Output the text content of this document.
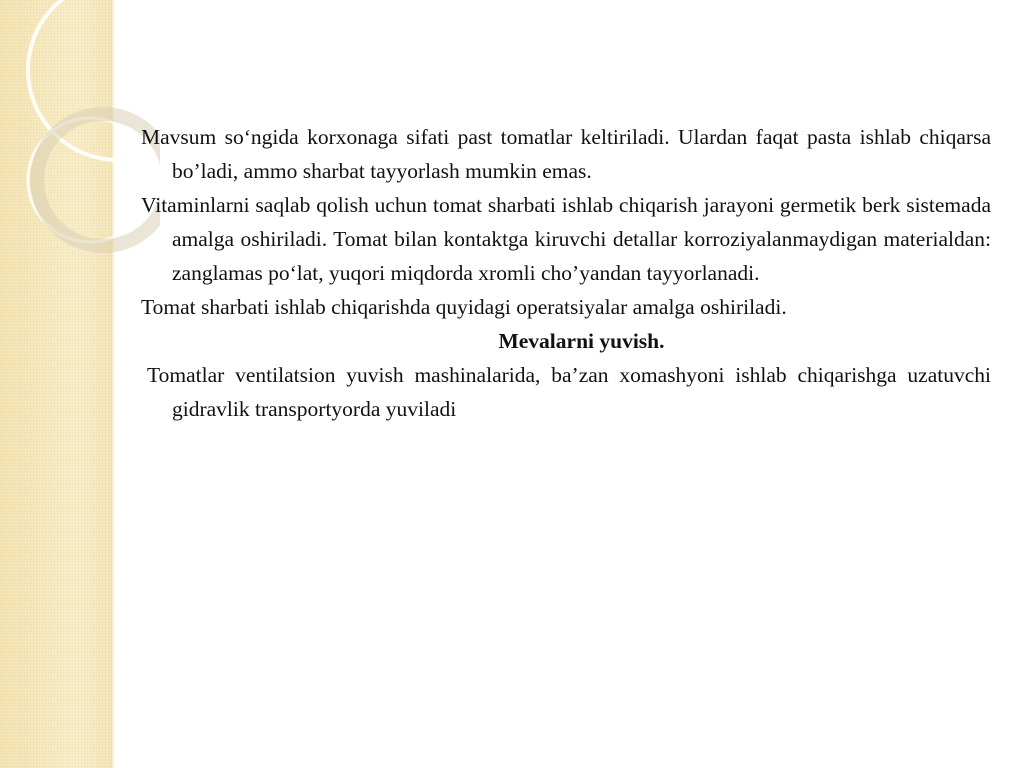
Mavsum so‘ngida korxonaga sifati past tomatlar keltiriladi. Ulardan faqat pasta ishlab chiqarsa bo’ladi, ammo sharbat tayyorlash mumkin emas.

Vitaminlarni saqlab qolish uchun tomat sharbati ishlab chiqarish jarayoni germetik berk sistemada amalga oshiriladi. Tomat bilan kontaktga kiruvchi detallar korroziyalanmaydigan materialdan: zanglamas po‘lat, yuqori miqdorda xromli cho’yandan tayyorlanadi.

Tomat sharbati ishlab chiqarishda quyidagi operatsiyalar amalga oshiriladi.

Mevalarni yuvish.

Tomatlar ventilatsion yuvish mashinalarida, ba’zan xomashyoni ishlab chiqarishga uzatuvchi gidravlik transportyorda yuviladi
